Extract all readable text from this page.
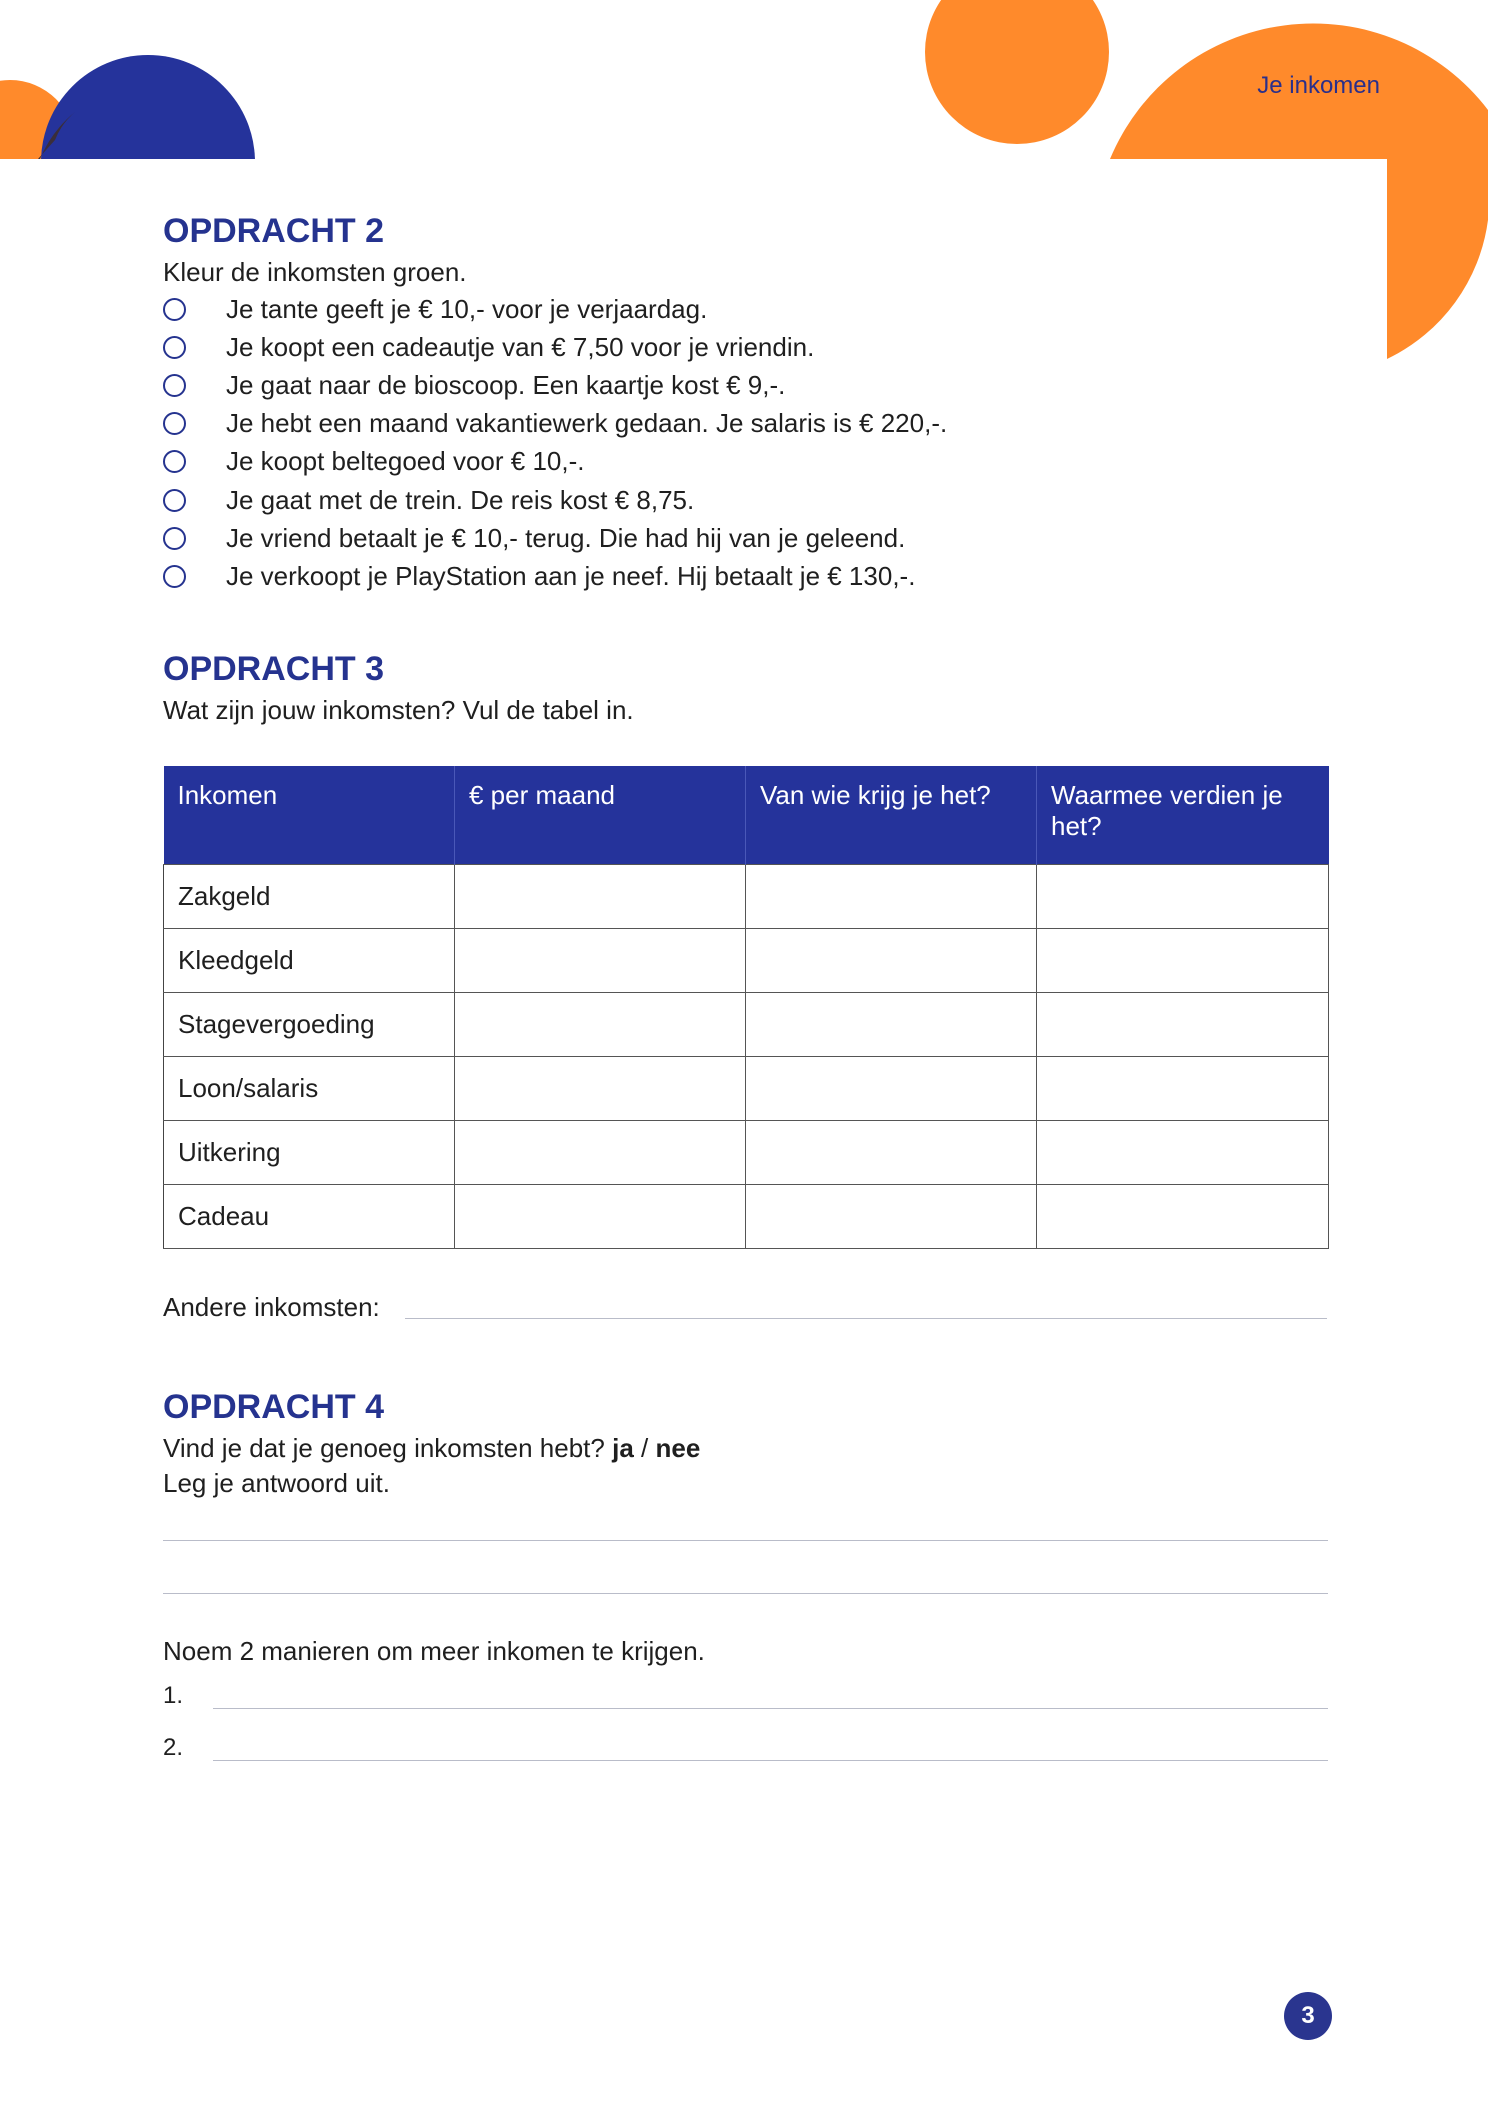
Je inkomen
OPDRACHT 2

Kleur de inkomsten groen.

Je tante geeft je € 10,- voor je verjaardag.
Je koopt een cadeautje van € 7,50 voor je vriendin.
Je gaat naar de bioscoop. Een kaartje kost € 9,-.
Je hebt een maand vakantiewerk gedaan. Je salaris is € 220,-.
Je koopt beltegoed voor € 10,-.
Je gaat met de trein. De reis kost € 8,75.
Je vriend betaalt je € 10,- terug. Die had hij van je geleend.
Je verkoopt je PlayStation aan je neef. Hij betaalt je € 130,-.
OPDRACHT 3

Wat zijn jouw inkomsten? Vul de tabel in.

Inkomen	€ per maand	Van wie krijg je het?	Waarmee verdien je het?
Zakgeld			
Kleedgeld			
Stagevergoeding			
Loon/salaris			
Uitkering			
Cadeau			

Andere inkomsten:

OPDRACHT 4

Vind je dat je genoeg inkomsten hebt? ja / nee

Leg je antwoord uit.

Noem 2 manieren om meer inkomen te krijgen.

1.

2.

3
